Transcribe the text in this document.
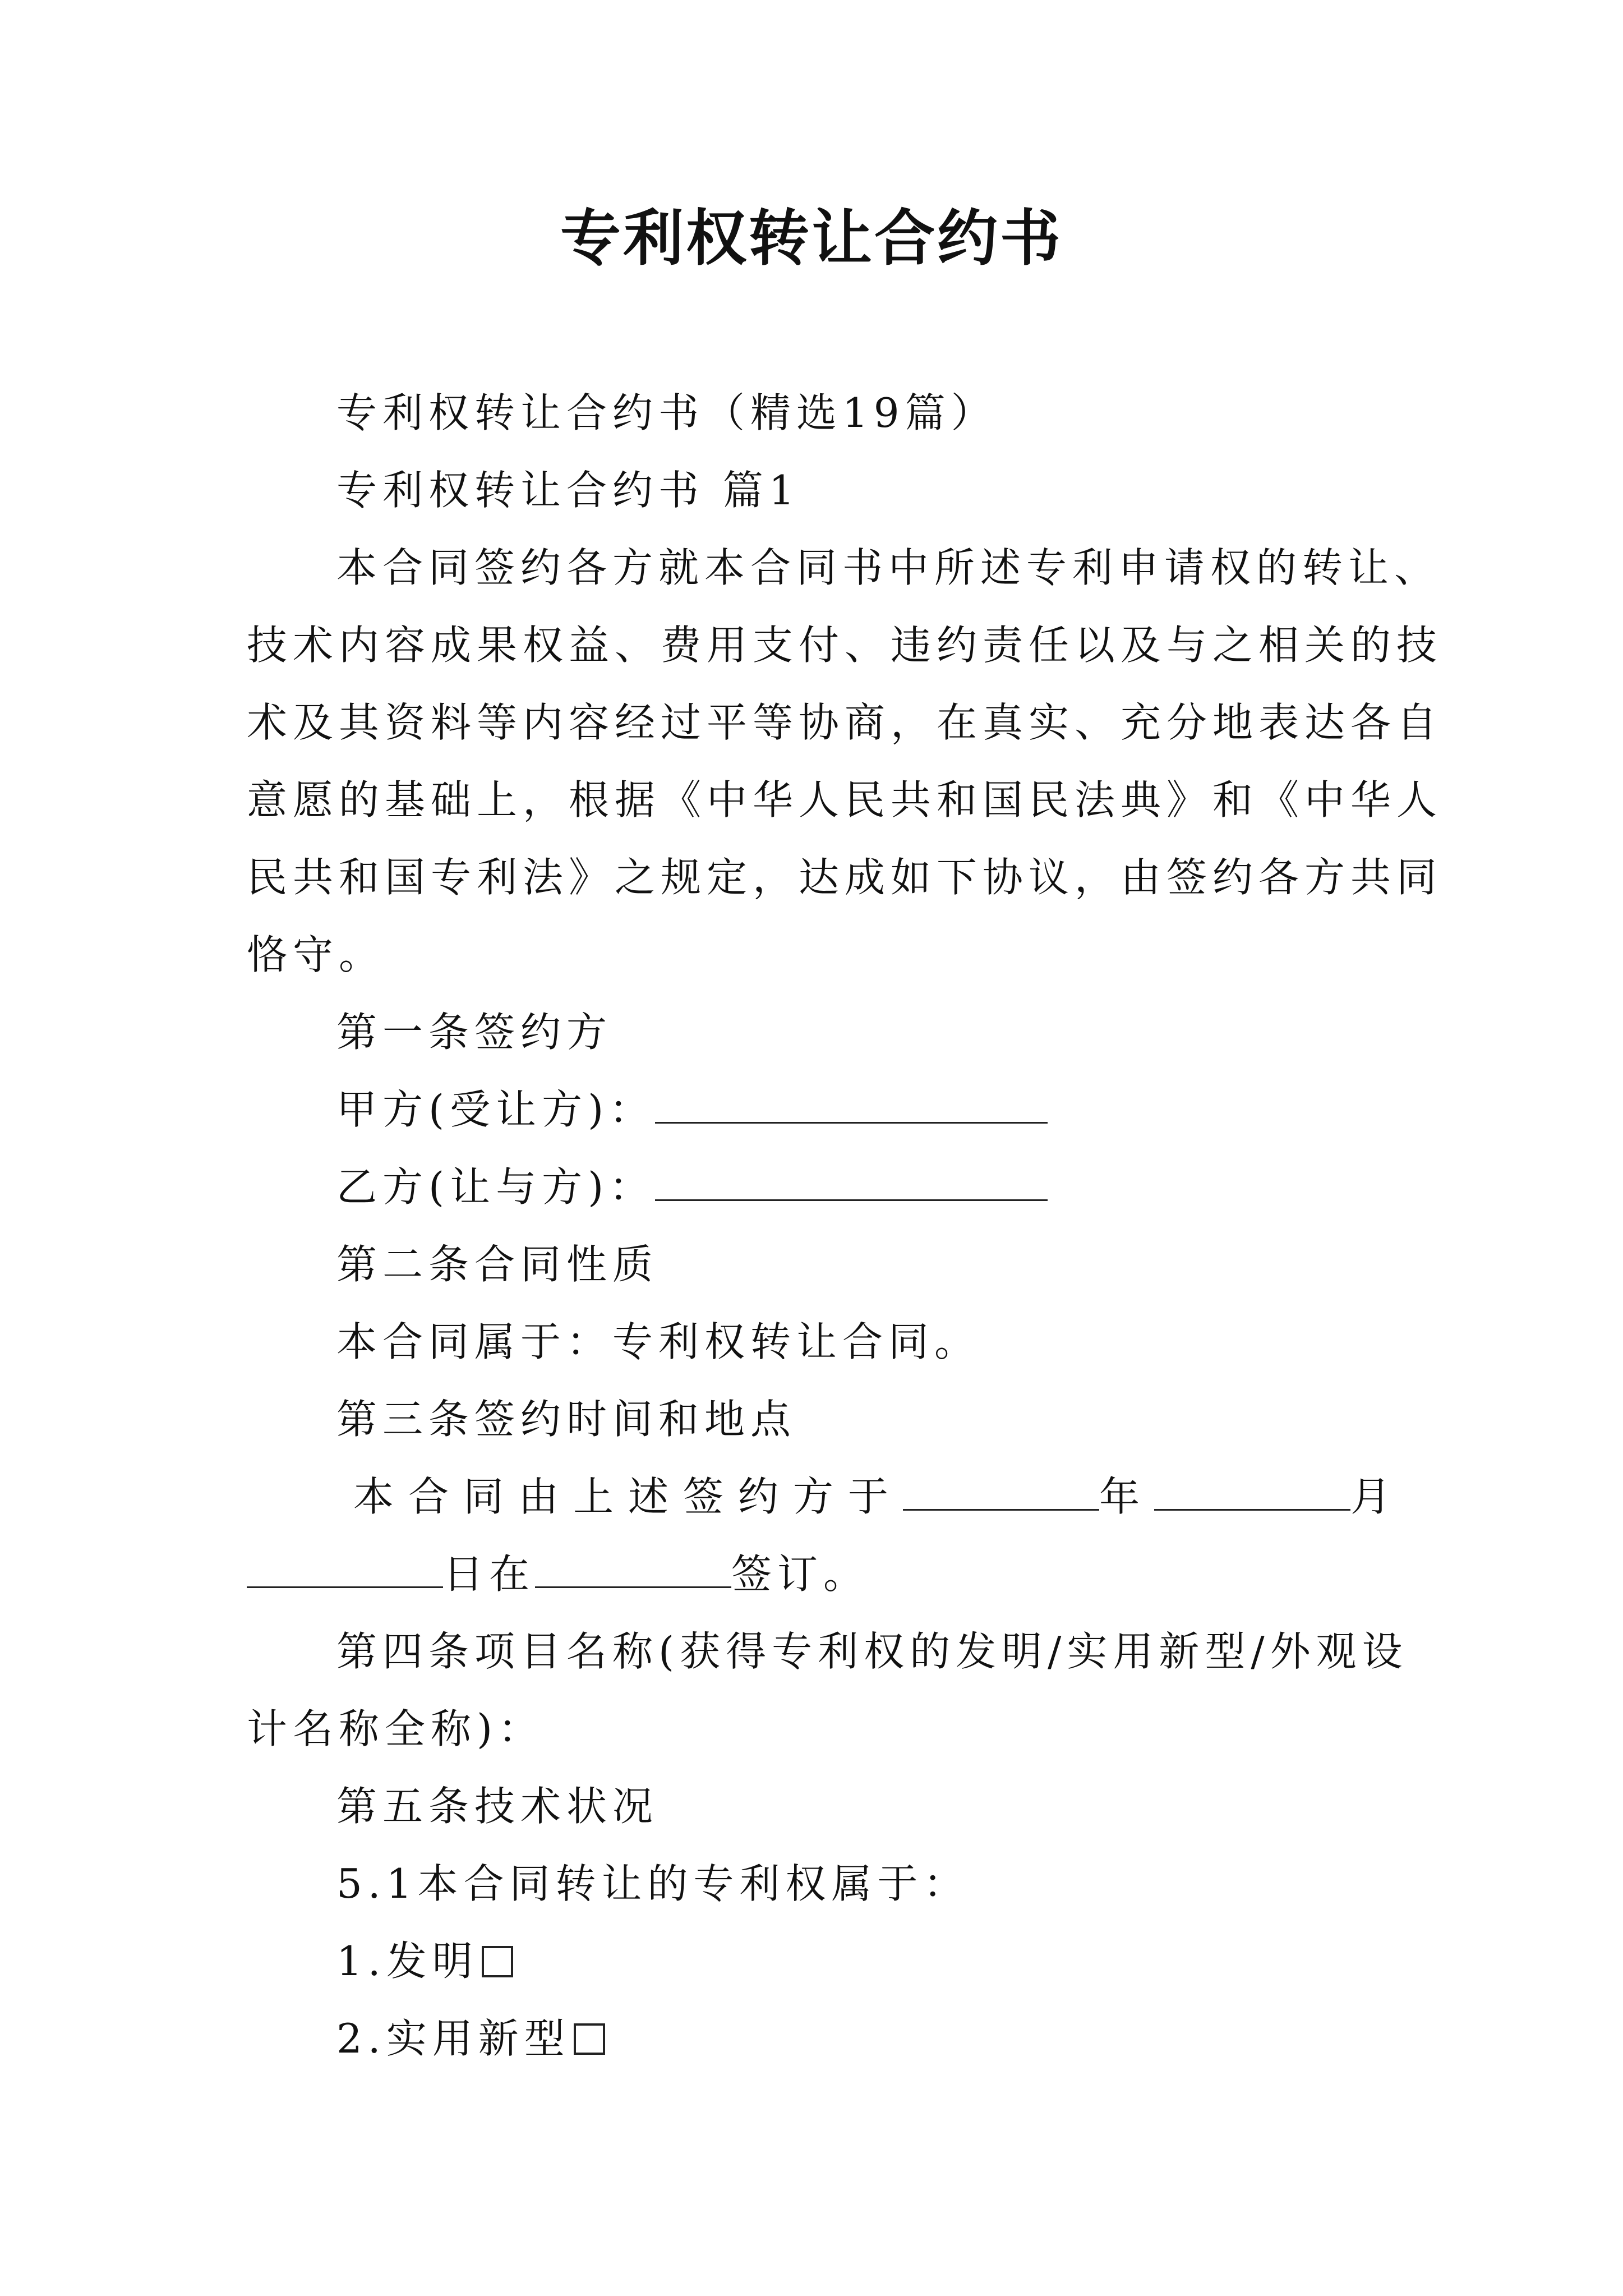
专利权转让合约书
专利权转让合约书（精选19篇）
专利权转让合约书 篇1
本合同签约各方就本合同书中所述专利申请权的转让、
技术内容成果权益、费用支付、违约责任以及与之相关的技
术及其资料等内容经过平等协商，在真实、充分地表达各自
意愿的基础上，根据《中华人民共和国民法典》和《中华人
民共和国专利法》之规定，达成如下协议，由签约各方共同
恪守。
第一条签约方
甲方(受让方)：
乙方(让与方)：
第二条合同性质
本合同属于：专利权转让合同。
第三条签约时间和地点
本合同由上述签约方于	年	月
日在	签订。
第四条项目名称(获得专利权的发明/实用新型/外观设
计名称全称)：
第五条技术状况
5.1本合同转让的专利权属于：
1.发明
2.实用新型
